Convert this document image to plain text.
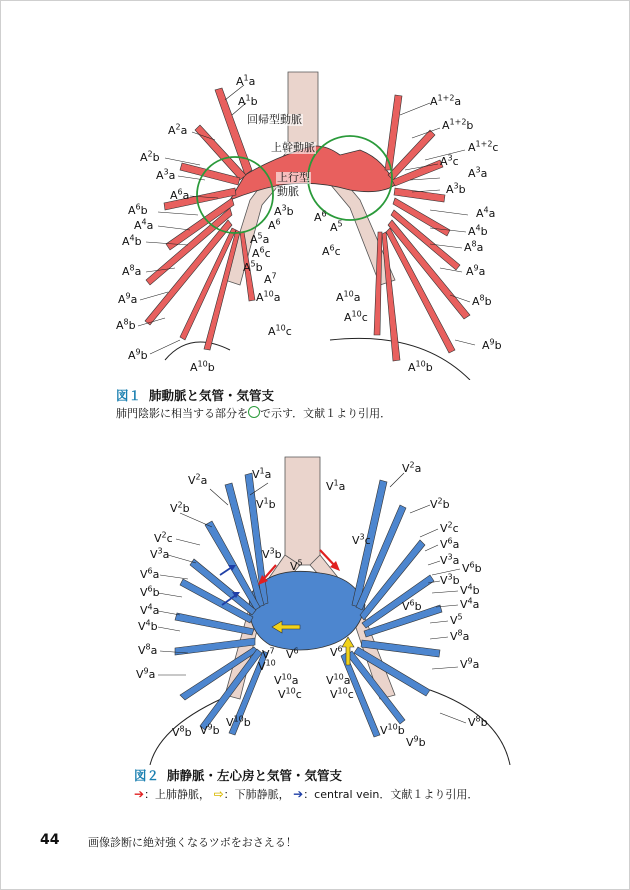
$A^1a$
$A^1b$
$A^2a$
$A^2b$
$A^3a$
$A^6a$
$A^6b$
$A^4a$
$A^4b$
$A^8a$
$A^9a$
$A^8b$
$A^9b$
$A^{10}b$
$A^3b$
$A^6$
$A^5a$
$A^6c$
$A^5b$
$A^7$
$A^{10}a$
$A^{10}c$
回帰型動脈
上幹動脈
上行型
動脈
$A^{1+2}a$
$A^{1+2}b$
$A^{1+2}c$
$A^3c$
$A^3a$
$A^3b$
$A^4a$
$A^4b$
$A^8a$
$A^9a$
$A^8b$
$A^9b$
$A^6$
$A^5$
$A^6c$
$A^{10}a$
$A^{10}c$
$A^{10}b$
図１ 肺動脈と気管・気管支
肺門陰影に相当する部分を で示す．文献１より引用．
$V^1a$
$V^2a$
$V^1b$
$V^2b$
$V^2c$
$V^3a$
$V^6a$
$V^6b$
$V^4a$
$V^4b$
$V^8a$
$V^9a$
$V^8b$ $V^9b$
$V^{10}b$
$V^3b$
$V^5$
$V^7$ $V^6$
$V^{10}$
$V^{10}a$
$V^{10}c$
$V^2a$
$V^1a$
$V^2b$
$V^2c$
$V^3c$	$V^6a$
$V^3a$
$V^6b$
$V^3b$
$V^4b$
$V^4a$
$V^6b$
$V^5$
$V^8a$
$V^6$
$V^9a$
$V^{10}a$
$V^{10}c$
$V^8b$
$V^{10}b$
$V^9b$
図２ 肺静脈・左心房と気管・気管支
➔：上肺静脈， ⇨：下肺静脈， ➔：central vein．文献１より引用．
44	画像診断に絶対強くなるツボをおさえる！
